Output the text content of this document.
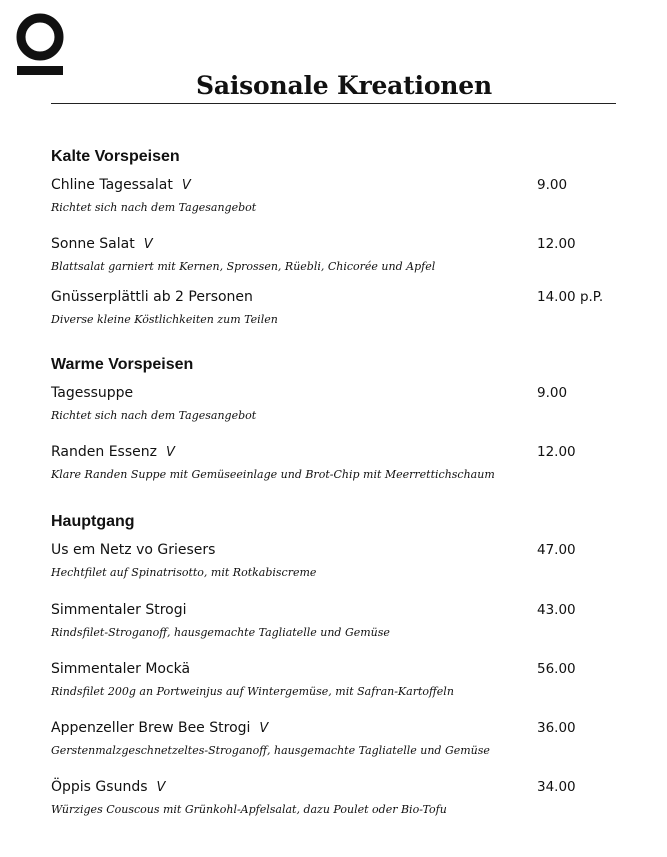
Saisonale Kreationen
Kalte Vorspeisen
Chline Tagessalat V	9.00
Richtet sich nach dem Tagesangebot
Sonne Salat V	12.00
Blattsalat garniert mit Kernen, Sprossen, Rüebli, Chicorée und Apfel
Gnüsserplättli ab 2 Personen	14.00 p.P.
Diverse kleine Köstlichkeiten zum Teilen
Warme Vorspeisen
Tagessuppe	9.00
Richtet sich nach dem Tagesangebot
Randen Essenz V	12.00
Klare Randen Suppe mit Gemüseeinlage und Brot-Chip mit Meerrettichschaum
Hauptgang
Us em Netz vo Griesers	47.00
Hechtfilet auf Spinatrisotto, mit Rotkabiscreme
Simmentaler Strogi	43.00
Rindsfilet-Stroganoff, hausgemachte Tagliatelle und Gemüse
Simmentaler Mockä	56.00
Rindsfilet 200g an Portweinjus auf Wintergemüse, mit Safran-Kartoffeln
Appenzeller Brew Bee Strogi V	36.00
Gerstenmalzgeschnetzeltes-Stroganoff, hausgemachte Tagliatelle und Gemüse
Öppis Gsunds V	34.00
Würziges Couscous mit Grünkohl-Apfelsalat, dazu Poulet oder Bio-Tofu
